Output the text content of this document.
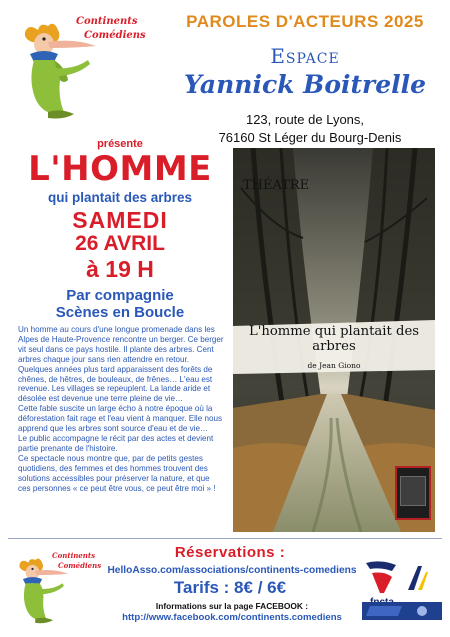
Continents
Comédiens
PAROLES D'ACTEURS 2025
Espace
Yannick Boitrelle
123, route de Lyons,
76160 St Léger du Bourg-Denis
présente
L'HOMME
qui plantait des arbres
SAMEDI
26 AVRIL
à 19 H
Par compagnie
Scènes en Boucle

Un homme au cours d'une longue promenade dans les Alpes de Haute-Provence rencontre un berger. Ce berger vit seul dans ce pays hostile. Il plante des arbres. Cent arbres chaque jour sans rien attendre en retour. Quelques années plus tard apparaissent des forêts de chênes, de hêtres, de bouleaux, de frênes… L'eau est revenue. Les villages se repeuplent. La lande aride et désolée est devenue une terre pleine de vie…

Cette fable suscite un large écho à notre époque où la déforestation fait rage et l'eau vient à manquer. Elle nous apprend que les arbres sont source d'eau et de vie…

Le public accompagne le récit par des actes et devient partie prenante de l'histoire.

Ce spectacle nous montre que, par de petits gestes quotidiens, des femmes et des hommes trouvent des solutions accessibles pour préserver la nature, et que ces personnes « ce peut être vous, ce peut être moi » !

THÉATRE
L'homme qui plantait des arbres
de Jean Giono
Continents
Comédiens
Réservations :
HelloAsso.com/associations/continents-comediens
Tarifs : 8€ / 6€
Informations sur la page FACEBOOK :
http://www.facebook.com/continents.comediens
